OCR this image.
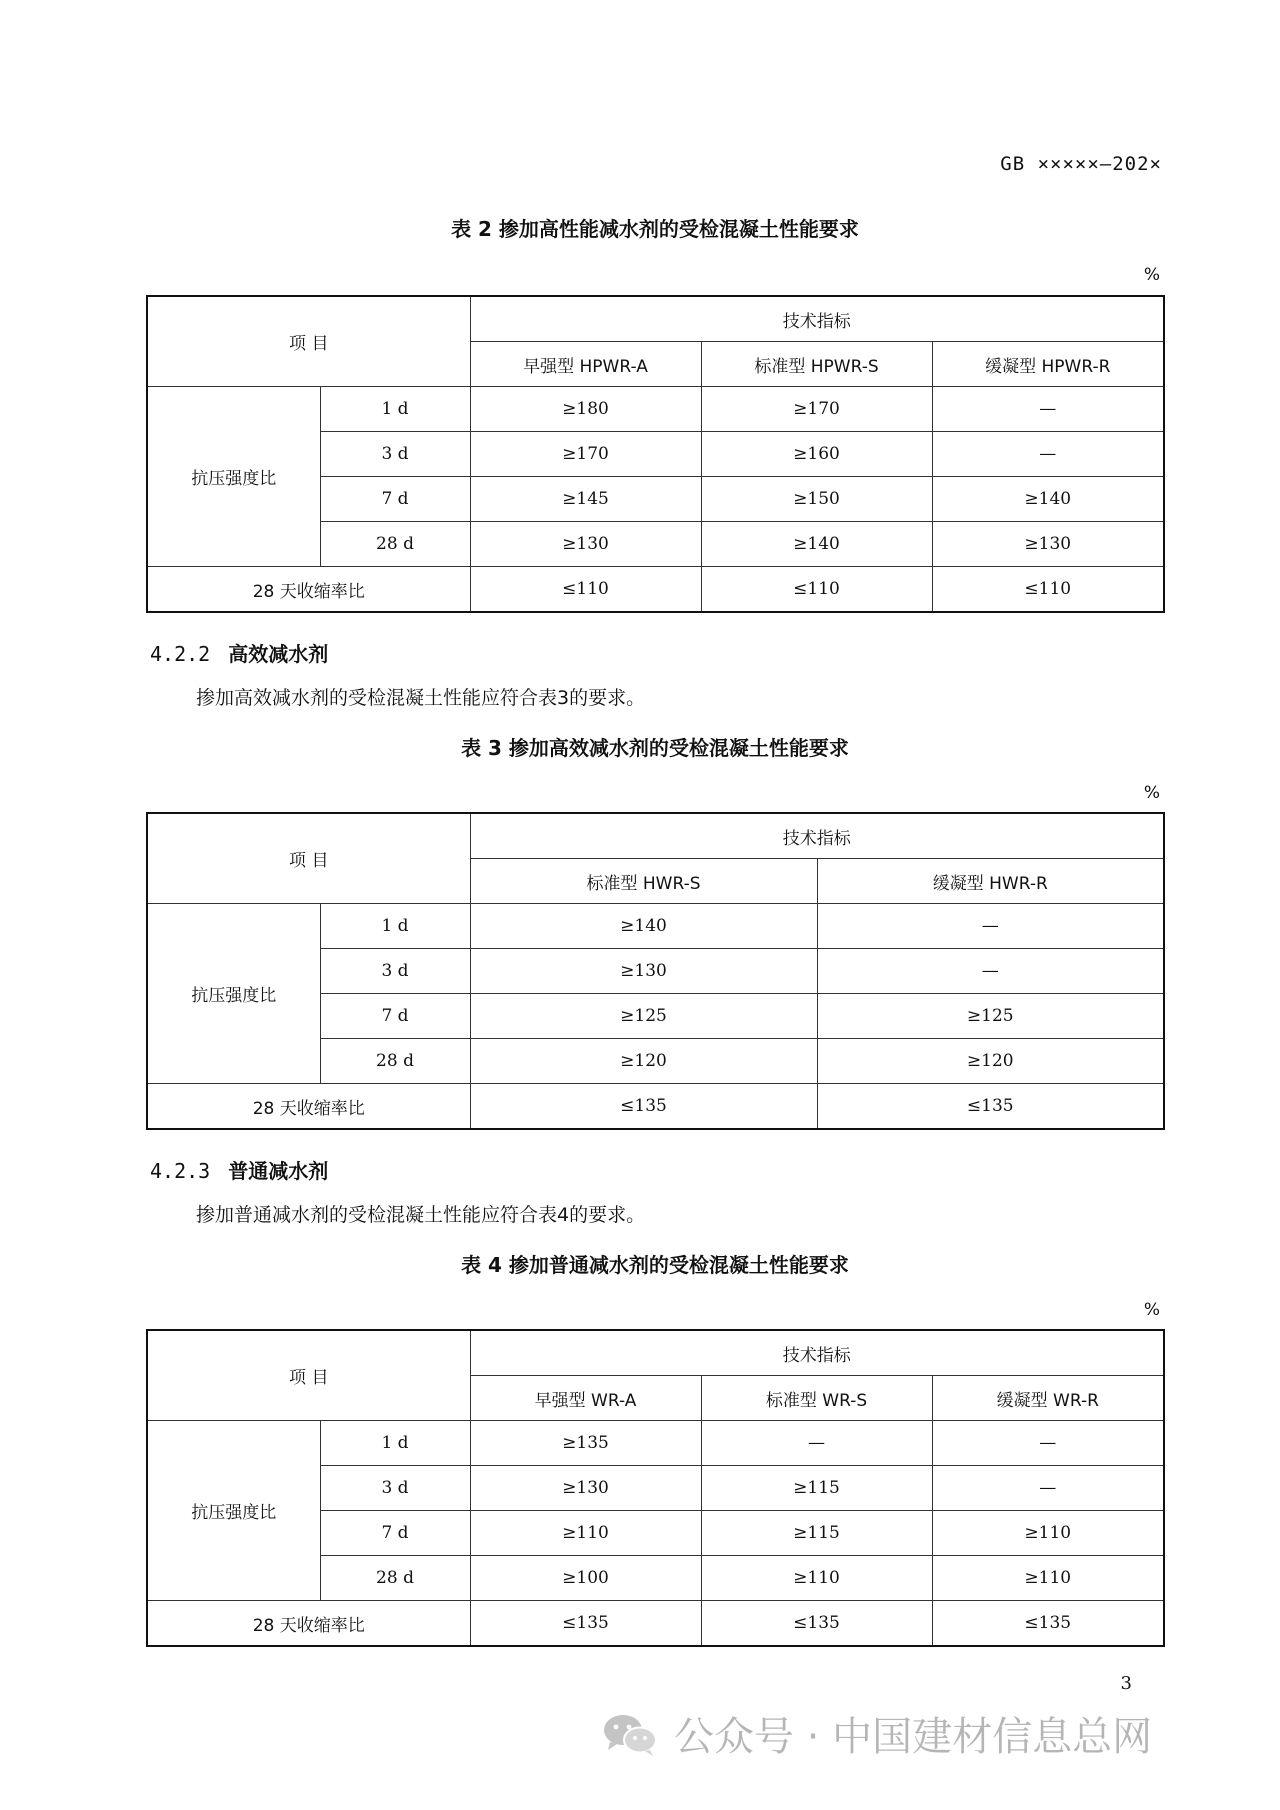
GB ×××××—202×
表 2 掺加高性能减水剂的受检混凝土性能要求
%
项 目		技术指标		
		早强型 HPWR-A	标准型 HPWR-S	缓凝型 HPWR-R
抗压强度比	1 d	≥180	≥170	—
	3 d	≥170	≥160	—
	7 d	≥145	≥150	≥140
	28 d	≥130	≥140	≥130
28 天收缩率比		≤110	≤110	≤110
4.2.2 高效减水剂
掺加高效减水剂的受检混凝土性能应符合表3的要求。
表 3 掺加高效减水剂的受检混凝土性能要求
%
项 目		技术指标	
		标准型 HWR-S	缓凝型 HWR-R
抗压强度比	1 d	≥140	—
	3 d	≥130	—
	7 d	≥125	≥125
	28 d	≥120	≥120
28 天收缩率比		≤135	≤135
4.2.3 普通减水剂
掺加普通减水剂的受检混凝土性能应符合表4的要求。
表 4 掺加普通减水剂的受检混凝土性能要求
%
项 目		技术指标		
		早强型 WR-A	标准型 WR-S	缓凝型 WR-R
抗压强度比	1 d	≥135	—	—
	3 d	≥130	≥115	—
	7 d	≥110	≥115	≥110
	28 d	≥100	≥110	≥110
28 天收缩率比		≤135	≤135	≤135
3
公众号 · 中国建材信息总网
